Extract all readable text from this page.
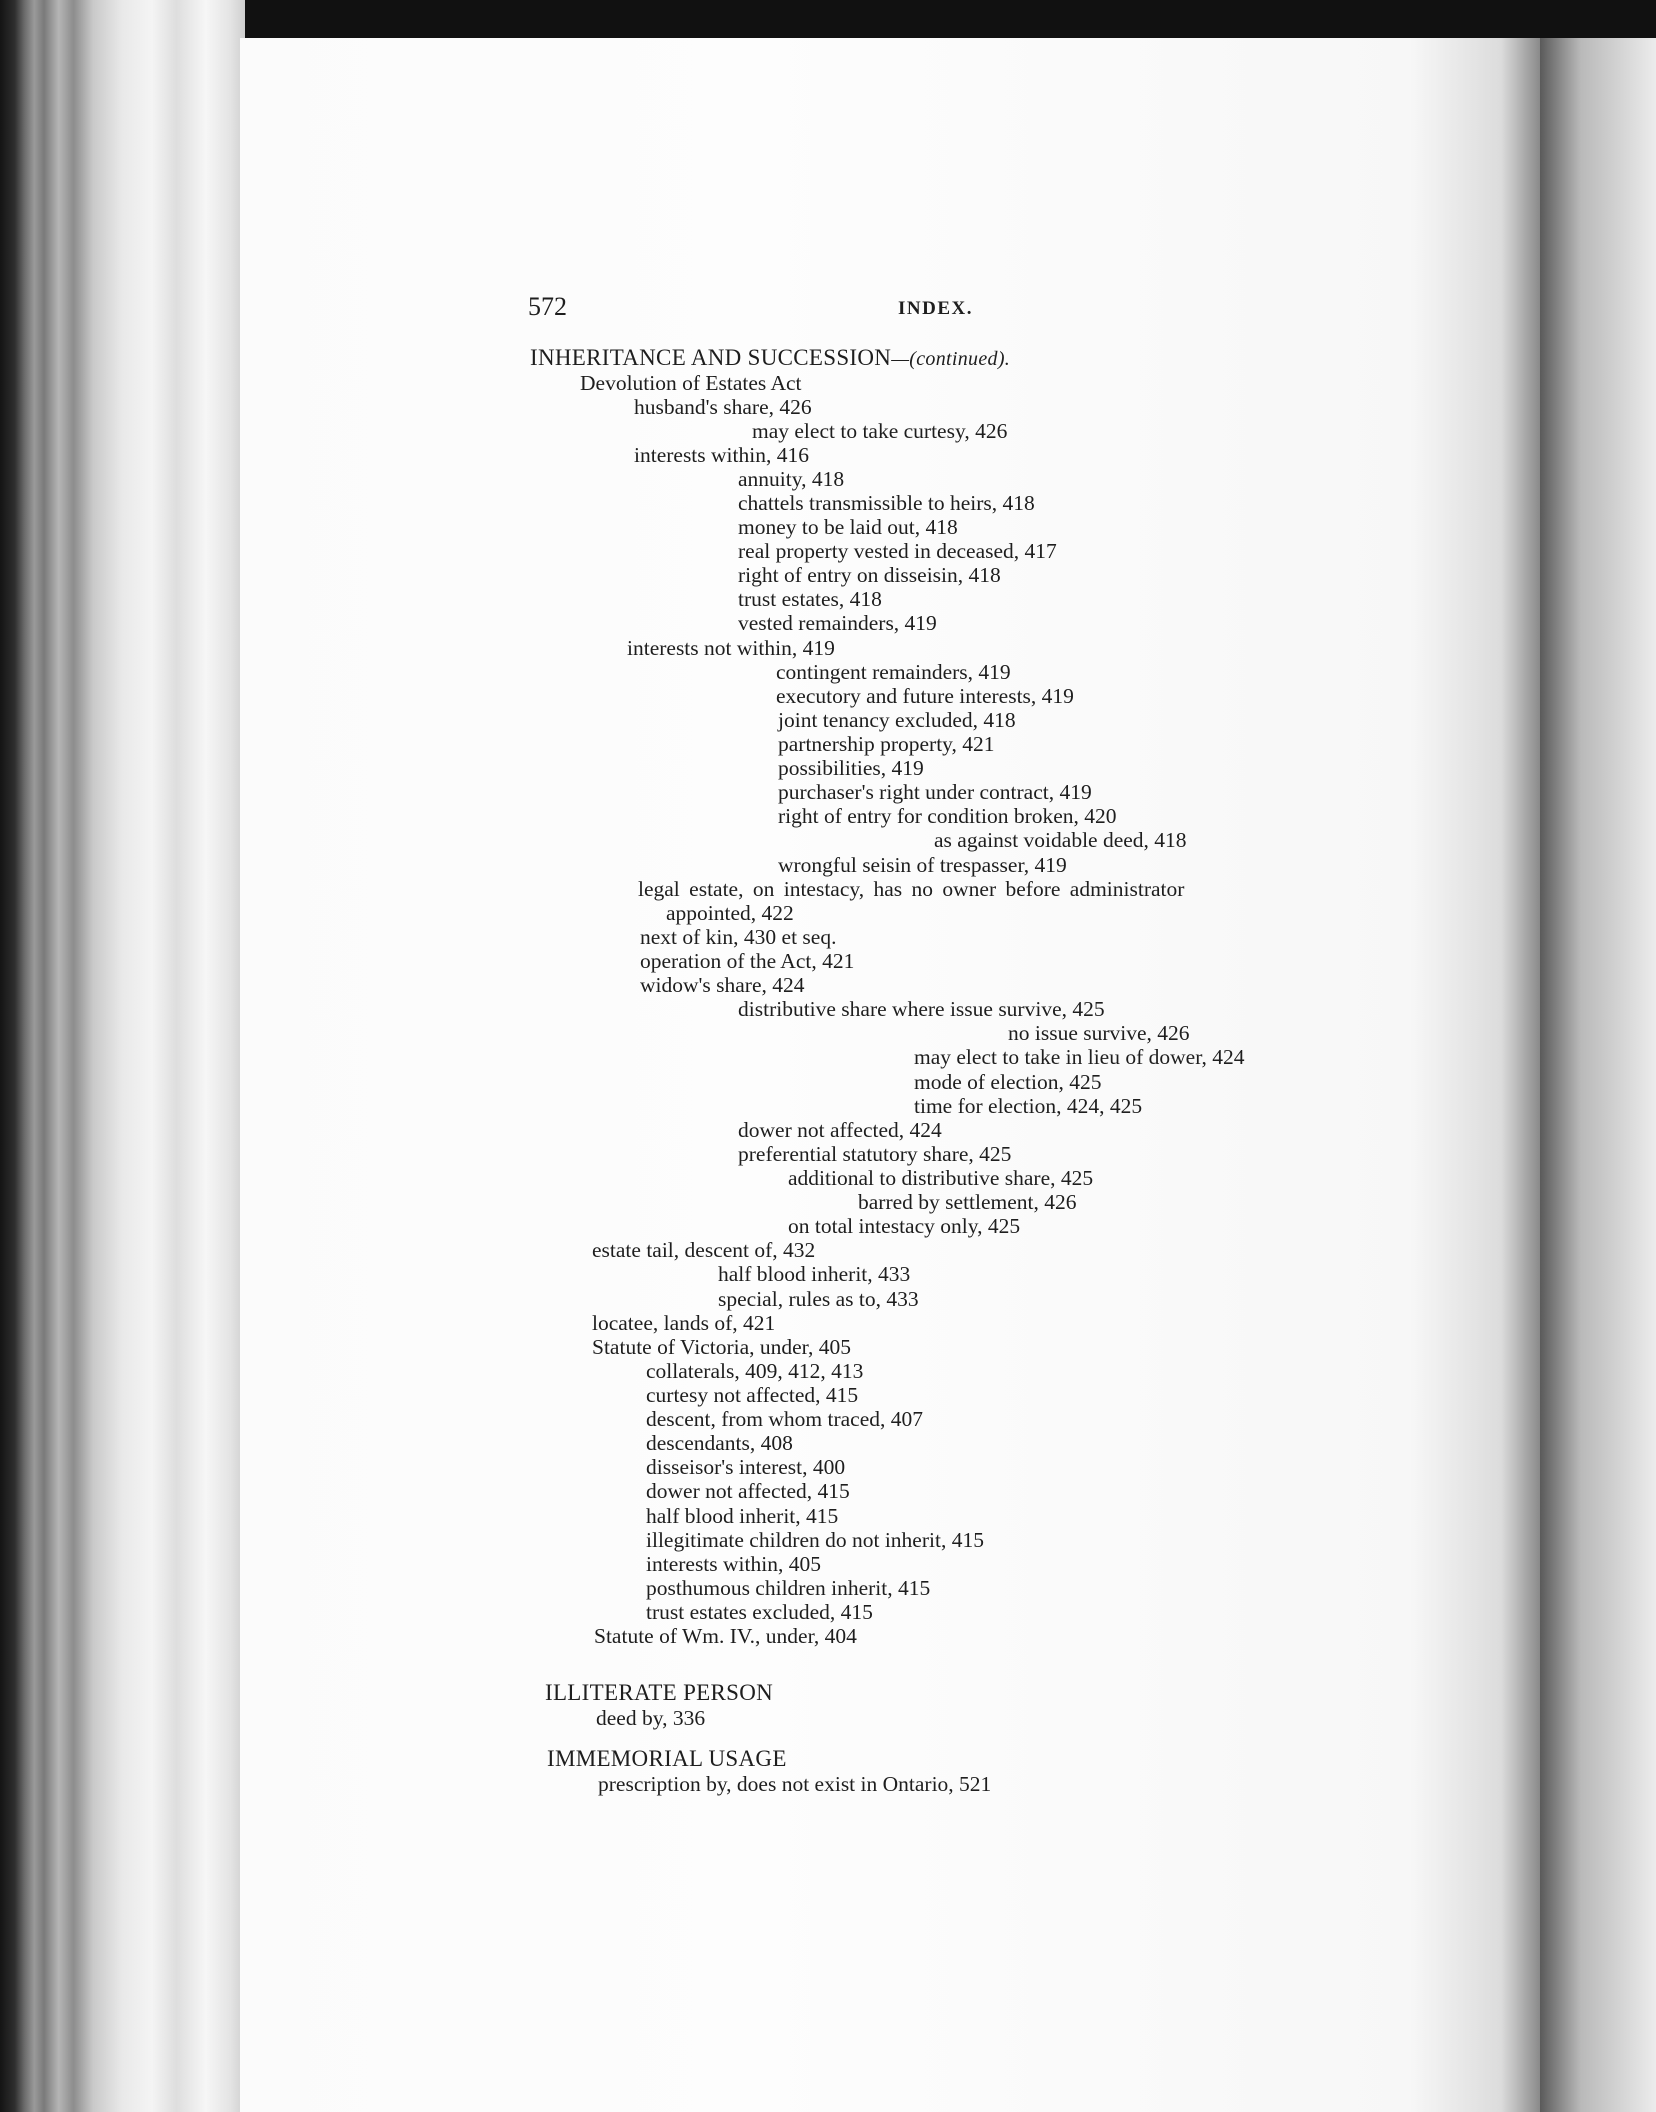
572	INDEX.
INHERITANCE AND SUCCESSION—(continued).
Devolution of Estates Act
husband's share, 426
may elect to take curtesy, 426
interests within, 416
annuity, 418
chattels transmissible to heirs, 418
money to be laid out, 418
real property vested in deceased, 417
right of entry on disseisin, 418
trust estates, 418
vested remainders, 419
interests not within, 419
contingent remainders, 419
executory and future interests, 419
joint tenancy excluded, 418
partnership property, 421
possibilities, 419
purchaser's right under contract, 419
right of entry for condition broken, 420
as against voidable deed, 418
wrongful seisin of trespasser, 419
legal estate, on intestacy, has no owner before administrator
appointed, 422
next of kin, 430 et seq.
operation of the Act, 421
widow's share, 424
distributive share where issue survive, 425
no issue survive, 426
may elect to take in lieu of dower, 424
mode of election, 425
time for election, 424, 425
dower not affected, 424
preferential statutory share, 425
additional to distributive share, 425
barred by settlement, 426
on total intestacy only, 425
estate tail, descent of, 432
half blood inherit, 433
special, rules as to, 433
locatee, lands of, 421
Statute of Victoria, under, 405
collaterals, 409, 412, 413
curtesy not affected, 415
descent, from whom traced, 407
descendants, 408
disseisor's interest, 400
dower not affected, 415
half blood inherit, 415
illegitimate children do not inherit, 415
interests within, 405
posthumous children inherit, 415
trust estates excluded, 415
Statute of Wm. IV., under, 404
ILLITERATE PERSON
deed by, 336
IMMEMORIAL USAGE
prescription by, does not exist in Ontario, 521
